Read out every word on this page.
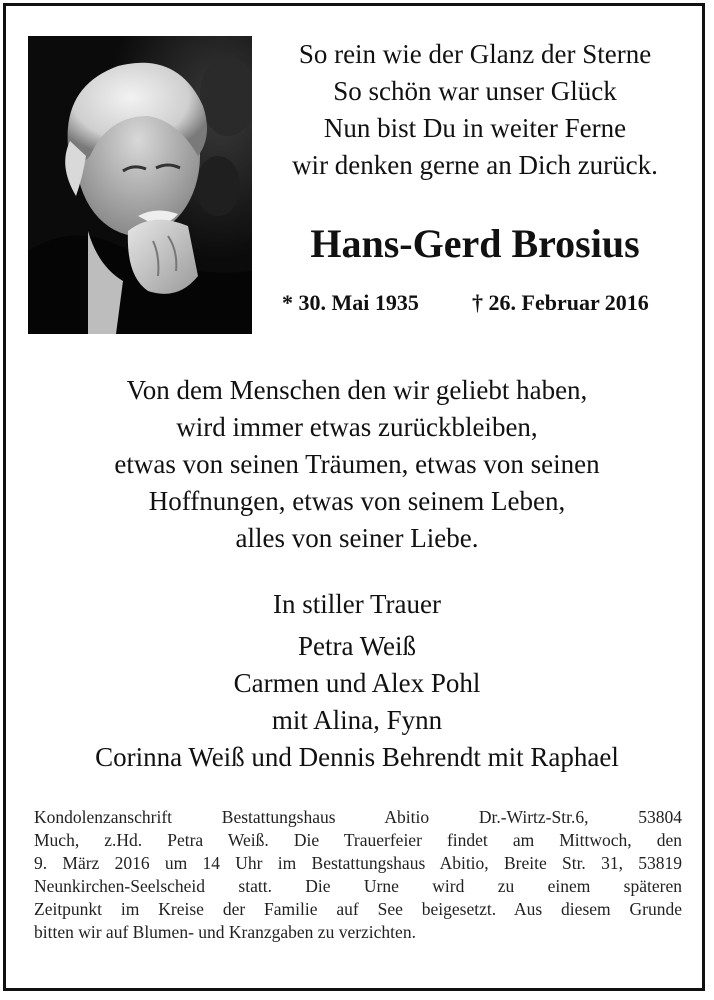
So rein wie der Glanz der Sterne
So schön war unser Glück
Nun bist Du in weiter Ferne
wir denken gerne an Dich zurück.
Hans-Gerd Brosius
* 30. Mai 1935 † 26. Februar 2016
Von dem Menschen den wir geliebt haben,
wird immer etwas zurückbleiben,
etwas von seinen Träumen, etwas von seinen
Hoffnungen, etwas von seinem Leben,
alles von seiner Liebe.
In stiller Trauer
Petra Weiß
Carmen und Alex Pohl
mit Alina, Fynn
Corinna Weiß und Dennis Behrendt mit Raphael
Kondolenzanschrift Bestattungshaus Abitio Dr.-Wirtz-Str.6, 53804
Much, z.Hd. Petra Weiß. Die Trauerfeier findet am Mittwoch, den
9. März 2016 um 14 Uhr im Bestattungshaus Abitio, Breite Str. 31, 53819
Neunkirchen-Seelscheid statt. Die Urne wird zu einem späteren
Zeitpunkt im Kreise der Familie auf See beigesetzt. Aus diesem Grunde
bitten wir auf Blumen- und Kranzgaben zu verzichten.
